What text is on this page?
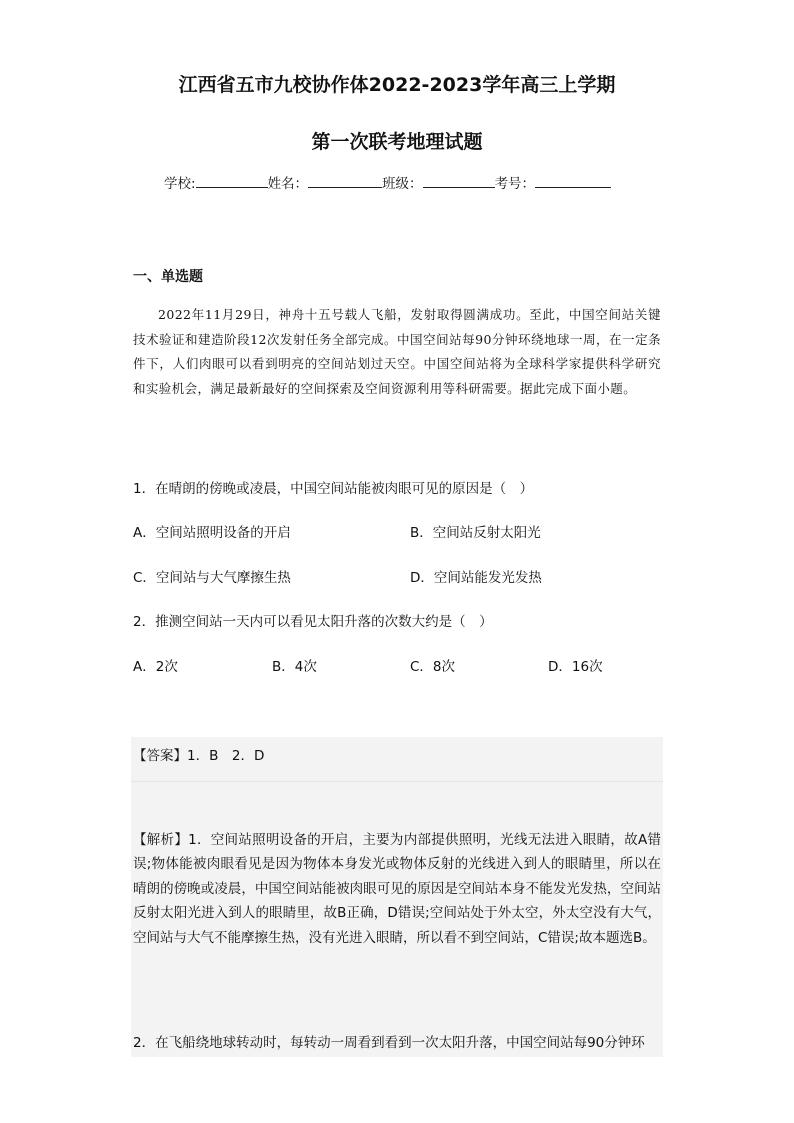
江西省五市九校协作体2022-2023学年高三上学期
第一次联考地理试题
学校:	姓名：	班级：	考号：
一、单选题

2022年11月29日，神舟十五号载人飞船，发射取得圆满成功。至此，中国空间站关键技术验证和建造阶段12次发射任务全部完成。中国空间站每90分钟环绕地球一周，在一定条件下，人们肉眼可以看到明亮的空间站划过天空。中国空间站将为全球科学家提供科学研究和实验机会，满足最新最好的空间探索及空间资源利用等科研需要。据此完成下面小题。

1．在晴朗的傍晚或凌晨，中国空间站能被肉眼可见的原因是（　）
A．空间站照明设备的开启	B．空间站反射太阳光
C．空间站与大气摩擦生热	D．空间站能发光发热
2．推测空间站一天内可以看见太阳升落的次数大约是（　）
A．2次	B．4次	C．8次	D．16次
【答案】1．B　2．D

【解析】1．空间站照明设备的开启，主要为内部提供照明，光线无法进入眼睛，故A错误;物体能被肉眼看见是因为物体本身发光或物体反射的光线进入到人的眼睛里，所以在晴朗的傍晚或凌晨，中国空间站能被肉眼可见的原因是空间站本身不能发光发热，空间站反射太阳光进入到人的眼睛里，故B正确，D错误;空间站处于外太空，外太空没有大气，空间站与大气不能摩擦生热，没有光进入眼睛，所以看不到空间站，C错误;故本题选B。

2．在飞船绕地球转动时，每转动一周看到看到一次太阳升落，中国空间站每90分钟环
